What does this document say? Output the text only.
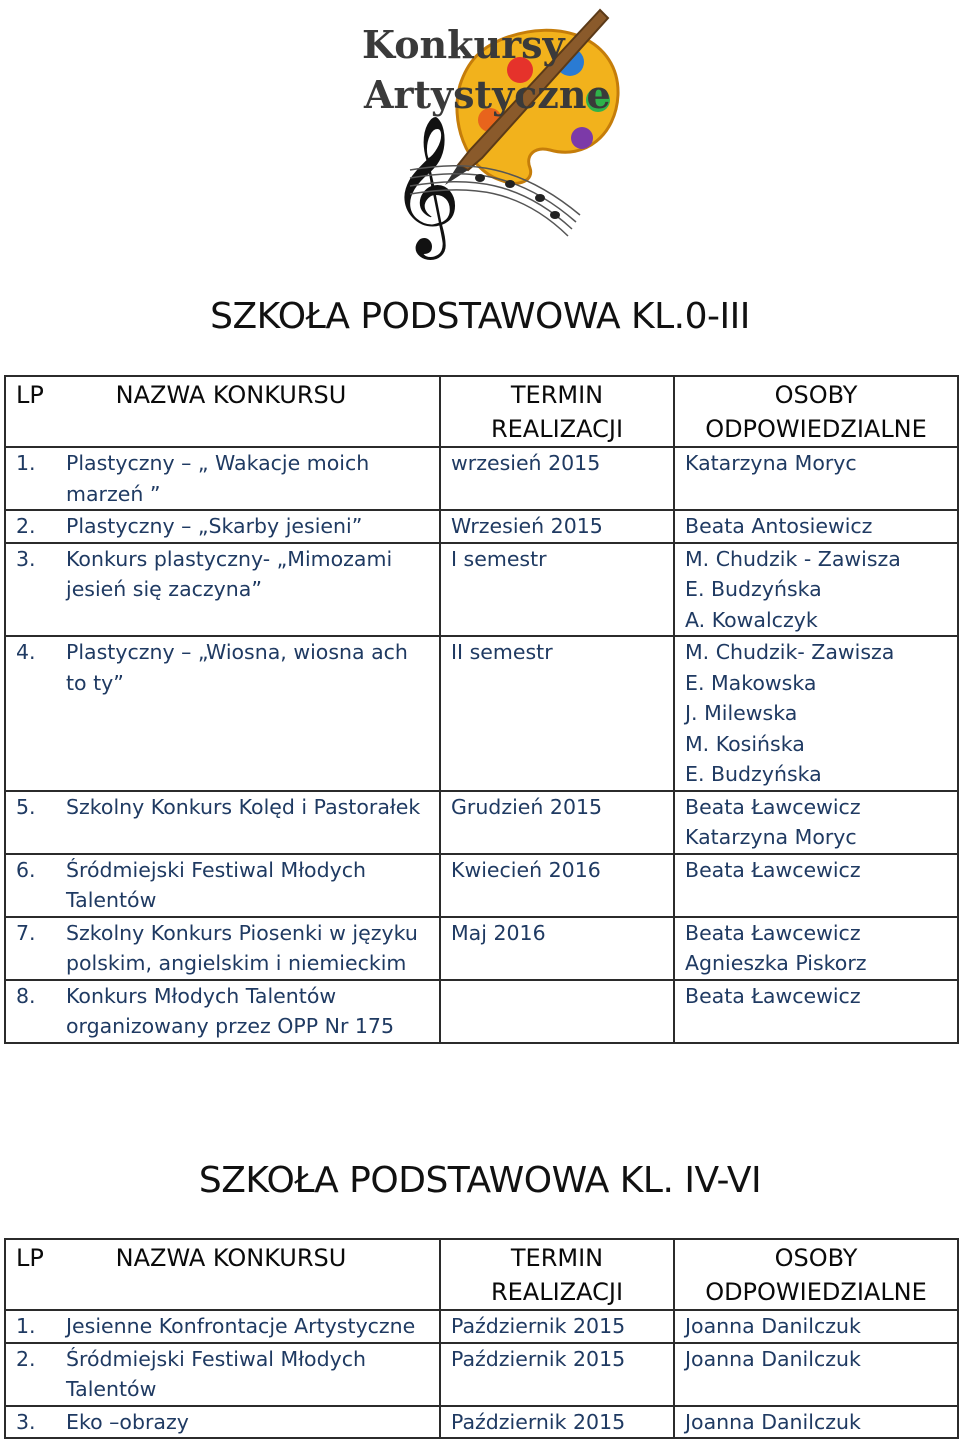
𝄞
Konkursy
Artystyczne
SZKOŁA PODSTAWOWA KL.0-III
LP NAZWA KONKURSU	TERMIN REALIZACJI	OSOBY ODPOWIEDZIALNE
1. Plastyczny – „ Wakacje moich marzeń ”	wrzesień 2015	Katarzyna Moryc

2. Plastyczny – „Skarby jesieni”	Wrzesień 2015	Beata Antosiewicz

3. Konkurs plastyczny- „Mimozami jesień się zaczyna”	I semestr	M. Chudzik - Zawisza
E. Budzyńska
A. Kowalczyk

4. Plastyczny – „Wiosna, wiosna ach to ty”	II semestr	M. Chudzik- Zawisza
E. Makowska
J. Milewska
M. Kosińska
E. Budzyńska

5. Szkolny Konkurs Kolęd i Pastorałek	Grudzień 2015	Beata Ławcewicz
Katarzyna Moryc

6. Śródmiejski Festiwal Młodych Talentów	Kwiecień 2016	Beata Ławcewicz

7. Szkolny Konkurs Piosenki w języku polskim, angielskim i niemieckim	Maj 2016	Beata Ławcewicz
Agnieszka Piskorz

8. Konkurs Młodych Talentów organizowany przez OPP Nr 175		Beata Ławcewicz
SZKOŁA PODSTAWOWA KL. IV-VI
LP NAZWA KONKURSU	TERMIN REALIZACJI	OSOBY ODPOWIEDZIALNE
1. Jesienne Konfrontacje Artystyczne	Październik 2015	Joanna Danilczuk

2. Śródmiejski Festiwal Młodych Talentów	Październik 2015	Joanna Danilczuk

3. Eko –obrazy	Październik 2015	Joanna Danilczuk
